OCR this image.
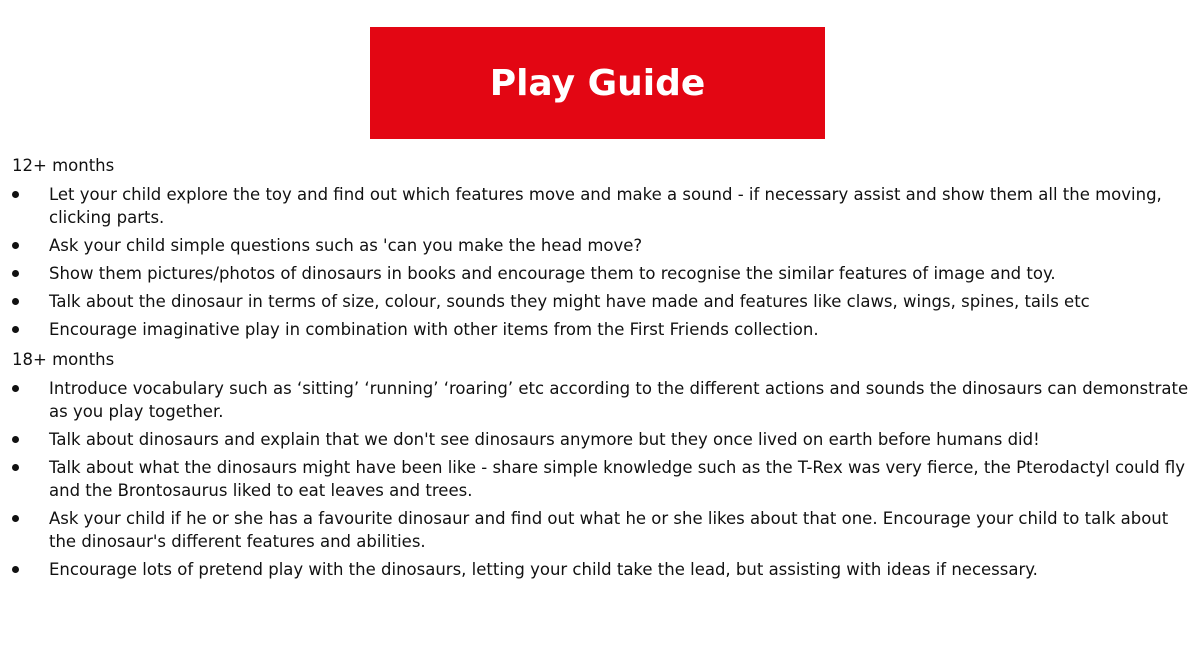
Play Guide

12+ months

Let your child explore the toy and find out which features move and make a sound - if necessary assist and show them all the moving, clicking parts.
Ask your child simple questions such as 'can you make the head move?
Show them pictures/photos of dinosaurs in books and encourage them to recognise the similar features of image and toy.
Talk about the dinosaur in terms of size, colour, sounds they might have made and features like claws, wings, spines, tails etc
Encourage imaginative play in combination with other items from the First Friends collection.

18+ months

Introduce vocabulary such as ‘sitting’ ‘running’ ‘roaring’ etc according to the different actions and sounds the dinosaurs can demonstrate as you play together.
Talk about dinosaurs and explain that we don't see dinosaurs anymore but they once lived on earth before humans did!
Talk about what the dinosaurs might have been like - share simple knowledge such as the T-Rex was very fierce, the Pterodactyl could fly and the Brontosaurus liked to eat leaves and trees.
Ask your child if he or she has a favourite dinosaur and find out what he or she likes about that one. Encourage your child to talk about the dinosaur's different features and abilities.
Encourage lots of pretend play with the dinosaurs, letting your child take the lead, but assisting with ideas if necessary.
